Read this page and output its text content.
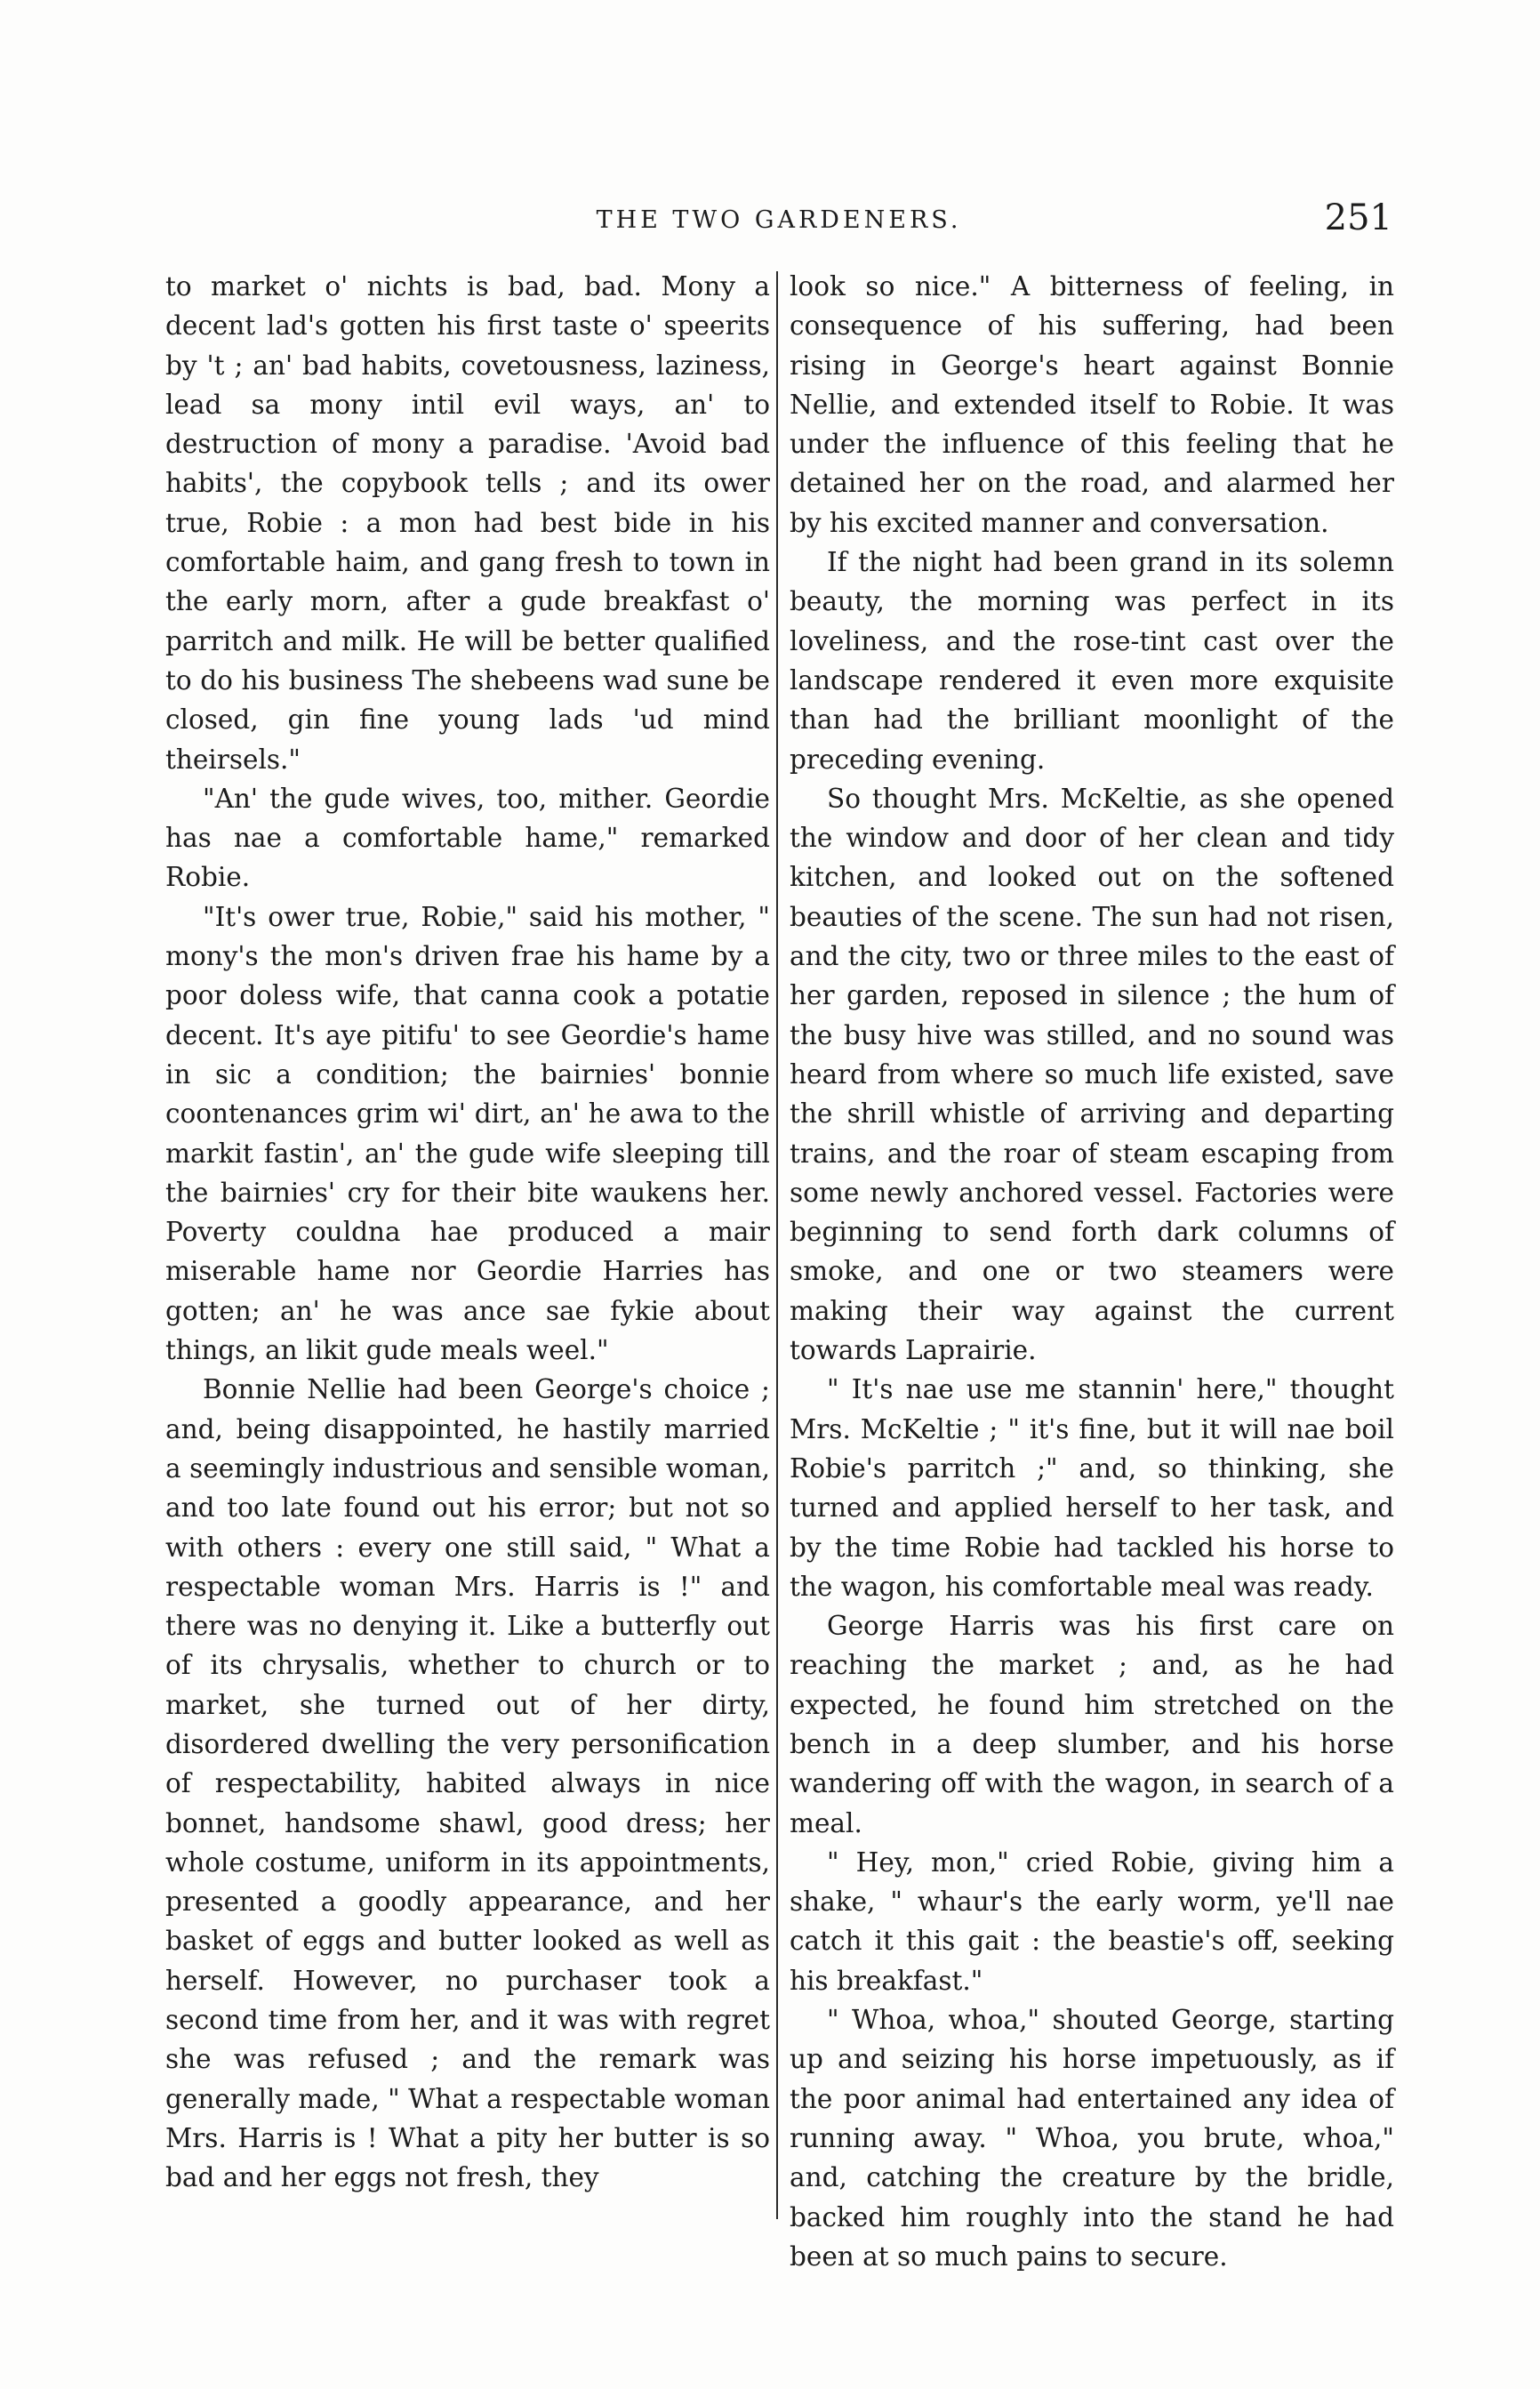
THE TWO GARDENERS.	251

to market o' nichts is bad, bad. Mony a decent lad's gotten his first taste o' speerits by 't ; an' bad habits, covetousness, laziness, lead sa mony intil evil ways, an' to destruction of mony a paradise. 'Avoid bad habits', the copybook tells ; and its ower true, Robie : a mon had best bide in his comfortable haim, and gang fresh to town in the early morn, after a gude breakfast o' parritch and milk. He will be better qualified to do his business The shebeens wad sune be closed, gin fine young lads 'ud mind theirsels."

"An' the gude wives, too, mither. Geordie has nae a comfortable hame," remarked Robie.

"It's ower true, Robie," said his mother, " mony's the mon's driven frae his hame by a poor doless wife, that canna cook a potatie decent. It's aye pitifu' to see Geordie's hame in sic a condition; the bairnies' bonnie coontenances grim wi' dirt, an' he awa to the markit fastin', an' the gude wife sleeping till the bairnies' cry for their bite waukens her. Poverty couldna hae produced a mair miserable hame nor Geordie Harries has gotten; an' he was ance sae fykie about things, an likit gude meals weel."

Bonnie Nellie had been George's choice ; and, being disappointed, he hastily married a seemingly industrious and sensible woman, and too late found out his error; but not so with others : every one still said, " What a respectable woman Mrs. Harris is !" and there was no denying it. Like a butterfly out of its chrysalis, whether to church or to market, she turned out of her dirty, disordered dwelling the very personification of respectability, habited always in nice bonnet, handsome shawl, good dress; her whole costume, uniform in its appointments, presented a goodly appearance, and her basket of eggs and butter looked as well as herself. However, no purchaser took a second time from her, and it was with regret she was refused ; and the remark was generally made, " What a respectable woman Mrs. Harris is ! What a pity her butter is so bad and her eggs not fresh, they

look so nice." A bitterness of feeling, in consequence of his suffering, had been rising in George's heart against Bonnie Nellie, and extended itself to Robie. It was under the influence of this feeling that he detained her on the road, and alarmed her by his excited manner and conversation.

If the night had been grand in its solemn beauty, the morning was perfect in its loveliness, and the rose-tint cast over the landscape rendered it even more exquisite than had the brilliant moonlight of the preceding evening.

So thought Mrs. McKeltie, as she opened the window and door of her clean and tidy kitchen, and looked out on the softened beauties of the scene. The sun had not risen, and the city, two or three miles to the east of her garden, reposed in silence ; the hum of the busy hive was stilled, and no sound was heard from where so much life existed, save the shrill whistle of arriving and departing trains, and the roar of steam escaping from some newly anchored vessel. Factories were beginning to send forth dark columns of smoke, and one or two steamers were making their way against the current towards Laprairie.

" It's nae use me stannin' here," thought Mrs. McKeltie ; " it's fine, but it will nae boil Robie's parritch ;" and, so thinking, she turned and applied herself to her task, and by the time Robie had tackled his horse to the wagon, his comfortable meal was ready.

George Harris was his first care on reaching the market ; and, as he had expected, he found him stretched on the bench in a deep slumber, and his horse wandering off with the wagon, in search of a meal.

" Hey, mon," cried Robie, giving him a shake, " whaur's the early worm, ye'll nae catch it this gait : the beastie's off, seeking his breakfast."

" Whoa, whoa," shouted George, starting up and seizing his horse impetuously, as if the poor animal had entertained any idea of running away. " Whoa, you brute, whoa," and, catching the creature by the bridle, backed him roughly into the stand he had been at so much pains to secure.
